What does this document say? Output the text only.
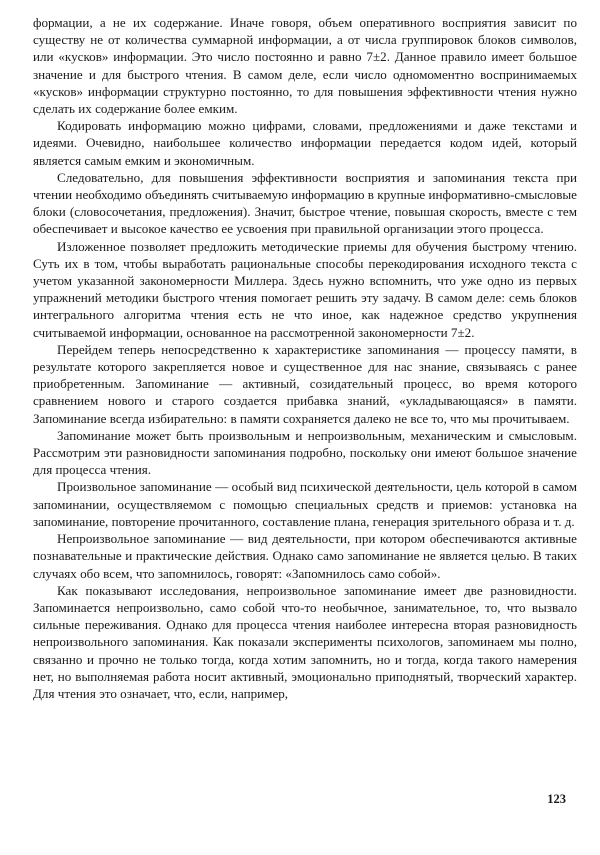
формации, а не их содержание. Иначе говоря, объем оперативного восприятия зависит по существу не от количества суммарной информации, а от числа группировок блоков символов, или «кусков» информации. Это число постоянно и равно 7±2. Данное правило имеет большое значение и для быстрого чтения. В самом деле, если число одномоментно воспринимаемых «кусков» информации структурно постоянно, то для повышения эффективности чтения нужно сделать их содержание более емким.

Кодировать информацию можно цифрами, словами, предложениями и даже текстами и идеями. Очевидно, наибольшее количество информации передается кодом идей, который является самым емким и экономичным.

Следовательно, для повышения эффективности восприятия и запоминания текста при чтении необходимо объединять считываемую информацию в крупные информативно-смысловые блоки (словосочетания, предложения). Значит, быстрое чтение, повышая скорость, вместе с тем обеспечивает и высокое качество ее усвоения при правильной организации этого процесса.

Изложенное позволяет предложить методические приемы для обучения быстрому чтению. Суть их в том, чтобы выработать рациональные способы перекодирования исходного текста с учетом указанной закономерности Миллера. Здесь нужно вспомнить, что уже одно из первых упражнений методики быстрого чтения помогает решить эту задачу. В самом деле: семь блоков интегрального алгоритма чтения есть не что иное, как надежное средство укрупнения считываемой информации, основанное на рассмотренной закономерности 7±2.

Перейдем теперь непосредственно к характеристике запоминания — процессу памяти, в результате которого закрепляется новое и существенное для нас знание, связываясь с ранее приобретенным. Запоминание — активный, созидательный процесс, во время которого сравнением нового и старого создается прибавка знаний, «укладывающаяся» в памяти. Запоминание всегда избирательно: в памяти сохраняется далеко не все то, что мы прочитываем.

Запоминание может быть произвольным и непроизвольным, механическим и смысловым. Рассмотрим эти разновидности запоминания подробно, поскольку они имеют большое значение для процесса чтения.

Произвольное запоминание — особый вид психической деятельности, цель которой в самом запоминании, осуществляемом с помощью специальных средств и приемов: установка на запоминание, повторение прочитанного, составление плана, генерация зрительного образа и т. д.

Непроизвольное запоминание — вид деятельности, при котором обеспечиваются активные познавательные и практические действия. Однако само запоминание не является целью. В таких случаях обо всем, что запомнилось, говорят: «Запомнилось само собой».

Как показывают исследования, непроизвольное запоминание имеет две разновидности. Запоминается непроизвольно, само собой что-то необычное, занимательное, то, что вызвало сильные переживания. Однако для процесса чтения наиболее интересна вторая разновидность непроизвольного запоминания. Как показали эксперименты психологов, запоминаем мы полно, связанно и прочно не только тогда, когда хотим запомнить, но и тогда, когда такого намерения нет, но выполняемая работа носит активный, эмоционально приподнятый, творческий характер. Для чтения это означает, что, если, например,

123
